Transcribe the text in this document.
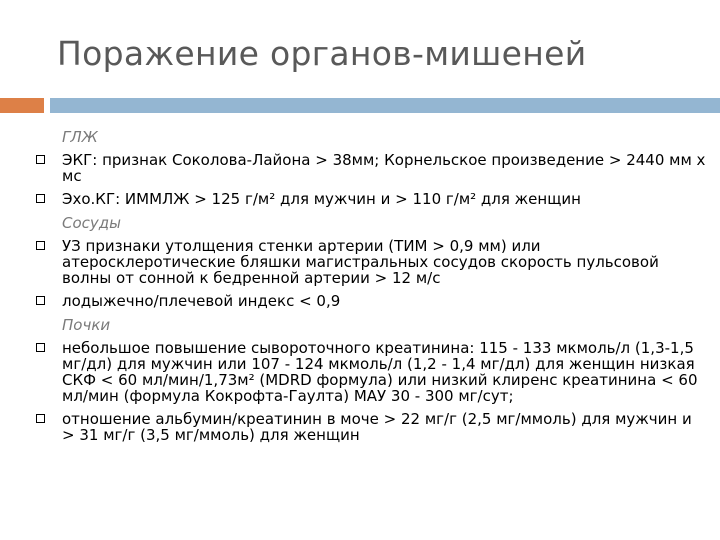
Поражение органов-мишеней
ГЛЖ
ЭКГ: признак Соколова-Лайона > 38мм; Корнельское произведение > 2440 мм х мс
Эхо.КГ: ИММЛЖ > 125 г/м² для мужчин и > 110 г/м² для женщин
Сосуды
УЗ признаки утолщения стенки артерии (ТИМ > 0,9 мм) или атеросклеротические бляшки магистральных сосудов скорость пульсовой волны от сонной к бедренной артерии > 12 м/с
лодыжечно/плечевой индекс < 0,9
Почки
небольшое повышение сывороточного креатинина: 115 - 133 мкмоль/л (1,3-1,5 мг/дл) для мужчин или 107 - 124 мкмоль/л (1,2 - 1,4 мг/дл) для женщин низкая СКФ < 60 мл/мин/1,73м² (MDRD формула) или низкий клиренс креатинина < 60 мл/мин (формула Кокрофта-Гаулта) МАУ 30 - 300 мг/сут;
отношение альбумин/креатинин в моче > 22 мг/г (2,5 мг/ммоль) для мужчин и > 31 мг/г (3,5 мг/ммоль) для женщин
